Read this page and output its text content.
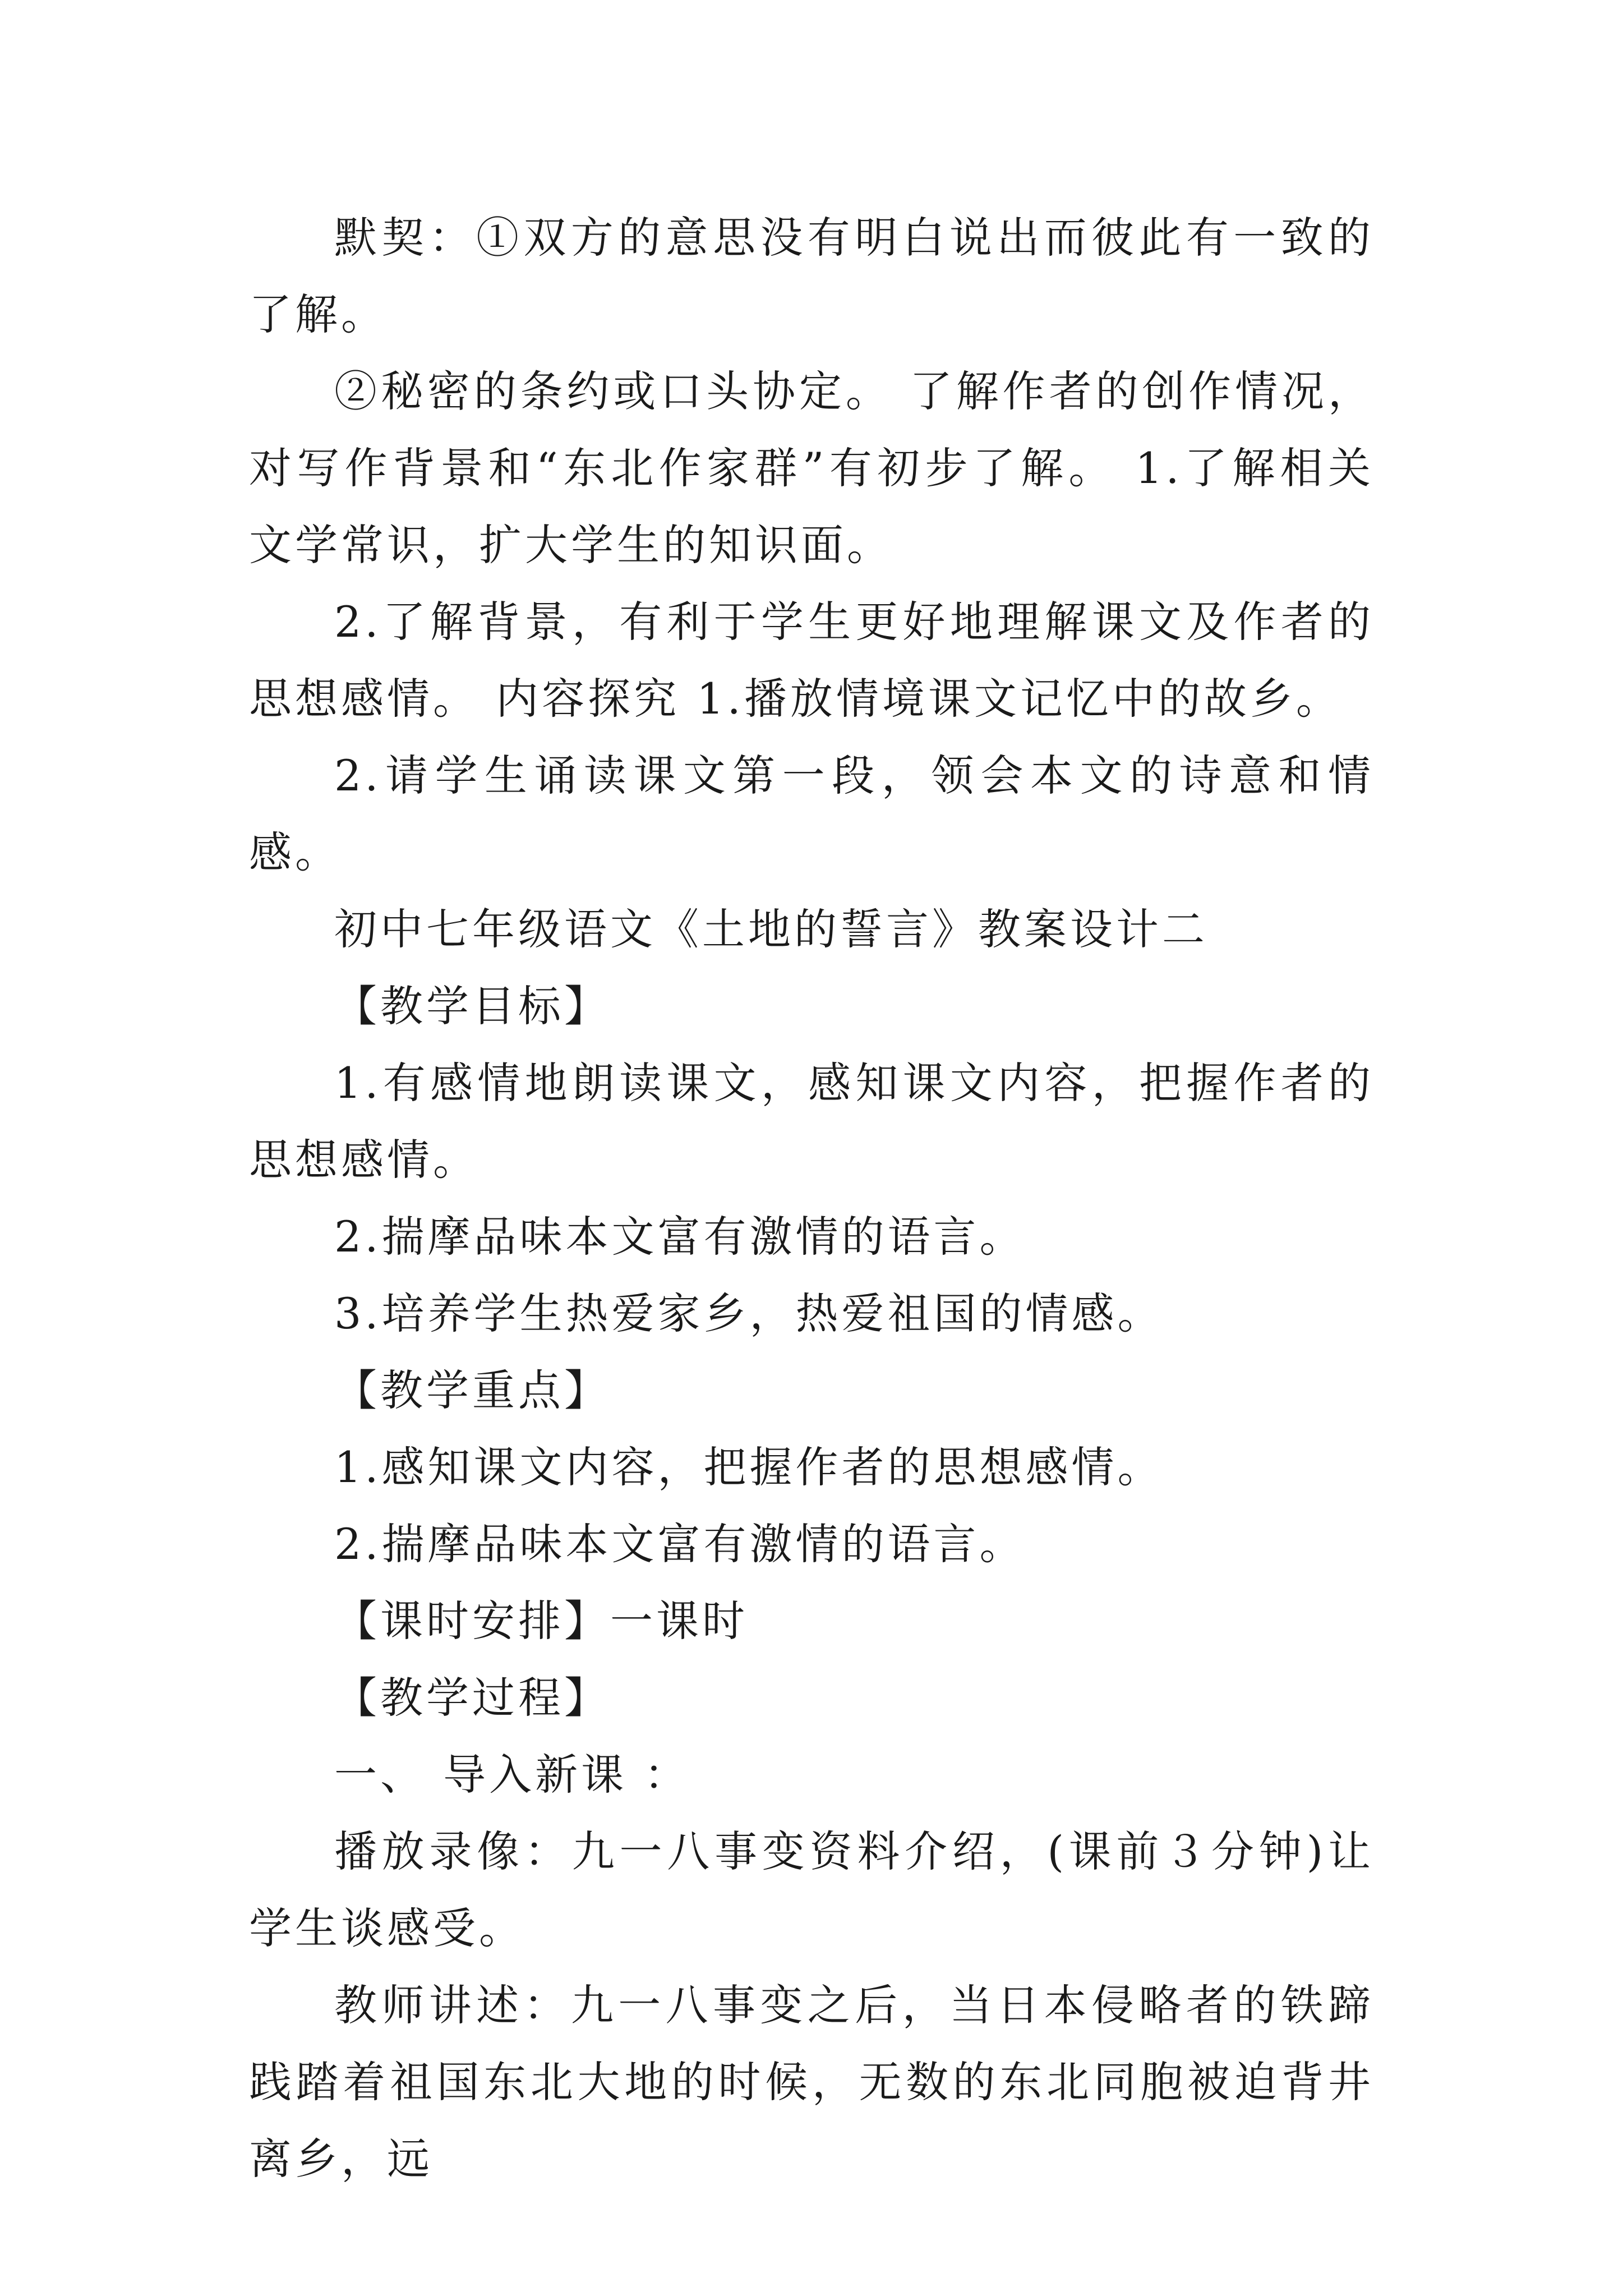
默契：①双方的意思没有明白说出而彼此有一致的了解。

②秘密的条约或口头协定。 了解作者的创作情况，对写作背景和“东北作家群”有初步了解。 1.了解相关文学常识，扩大学生的知识面。

2.了解背景，有利于学生更好地理解课文及作者的思想感情。 内容探究 1.播放情境课文记忆中的故乡。

2.请学生诵读课文第一段，领会本文的诗意和情感。

初中七年级语文《土地的誓言》教案设计二

【教学目标】

1.有感情地朗读课文，感知课文内容，把握作者的思想感情。

2.揣摩品味本文富有激情的语言。

3.培养学生热爱家乡，热爱祖国的情感。

【教学重点】

1.感知课文内容，把握作者的思想感情。

2.揣摩品味本文富有激情的语言。

【课时安排】一课时

【教学过程】

一、 导入新课 ：

播放录像：九一八事变资料介绍，(课前３分钟)让学生谈感受。

教师讲述：九一八事变之后，当日本侵略者的铁蹄践踏着祖国东北大地的时候，无数的东北同胞被迫背井离乡，远
